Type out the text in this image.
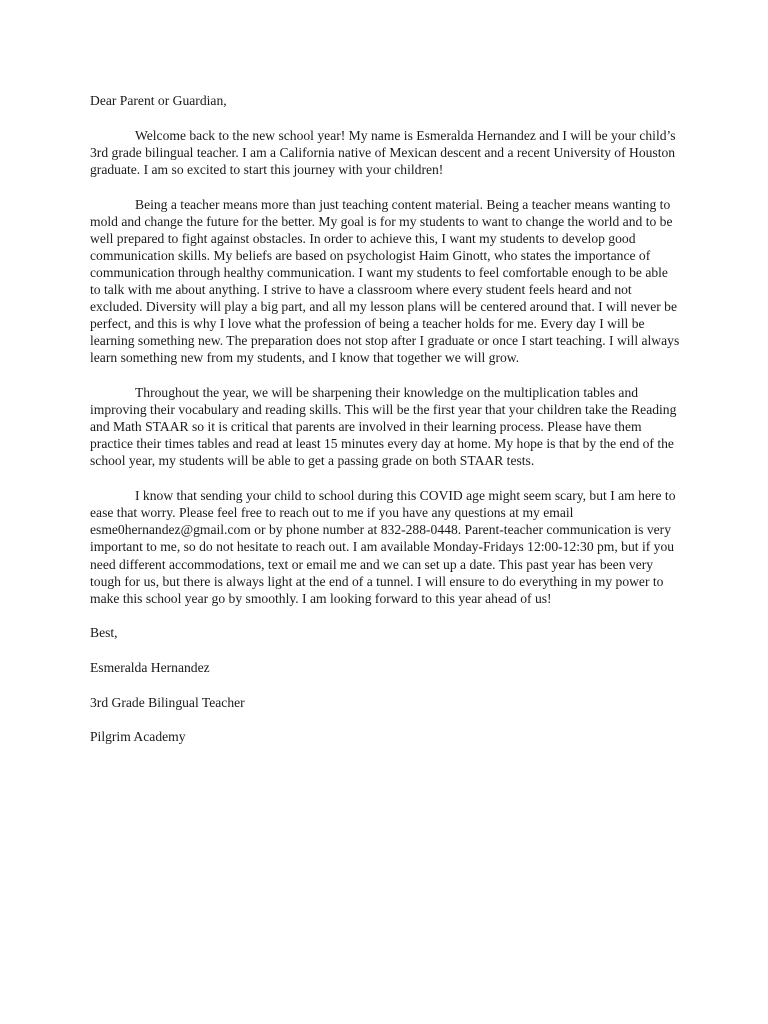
Dear Parent or Guardian,

Welcome back to the new school year! My name is Esmeralda Hernandez and I will be your child’s 3rd grade bilingual teacher. I am a California native of Mexican descent and a recent University of Houston graduate. I am so excited to start this journey with your children!

Being a teacher means more than just teaching content material. Being a teacher means wanting to mold and change the future for the better. My goal is for my students to want to change the world and to be well prepared to fight against obstacles. In order to achieve this, I want my students to develop good communication skills. My beliefs are based on psychologist Haim Ginott, who states the importance of communication through healthy communication. I want my students to feel comfortable enough to be able to talk with me about anything. I strive to have a classroom where every student feels heard and not excluded. Diversity will play a big part, and all my lesson plans will be centered around that. I will never be perfect, and this is why I love what the profession of being a teacher holds for me. Every day I will be learning something new. The preparation does not stop after I graduate or once I start teaching. I will always learn something new from my students, and I know that together we will grow.

Throughout the year, we will be sharpening their knowledge on the multiplication tables and improving their vocabulary and reading skills. This will be the first year that your children take the Reading and Math STAAR so it is critical that parents are involved in their learning process. Please have them practice their times tables and read at least 15 minutes every day at home. My hope is that by the end of the school year, my students will be able to get a passing grade on both STAAR tests.

I know that sending your child to school during this COVID age might seem scary, but I am here to ease that worry. Please feel free to reach out to me if you have any questions at my email esme0hernandez@gmail.com or by phone number at 832-288-0448. Parent-teacher communication is very important to me, so do not hesitate to reach out. I am available Monday-Fridays 12:00-12:30 pm, but if you need different accommodations, text or email me and we can set up a date. This past year has been very tough for us, but there is always light at the end of a tunnel. I will ensure to do everything in my power to make this school year go by smoothly. I am looking forward to this year ahead of us!

Best,

Esmeralda Hernandez

3rd Grade Bilingual Teacher

Pilgrim Academy
